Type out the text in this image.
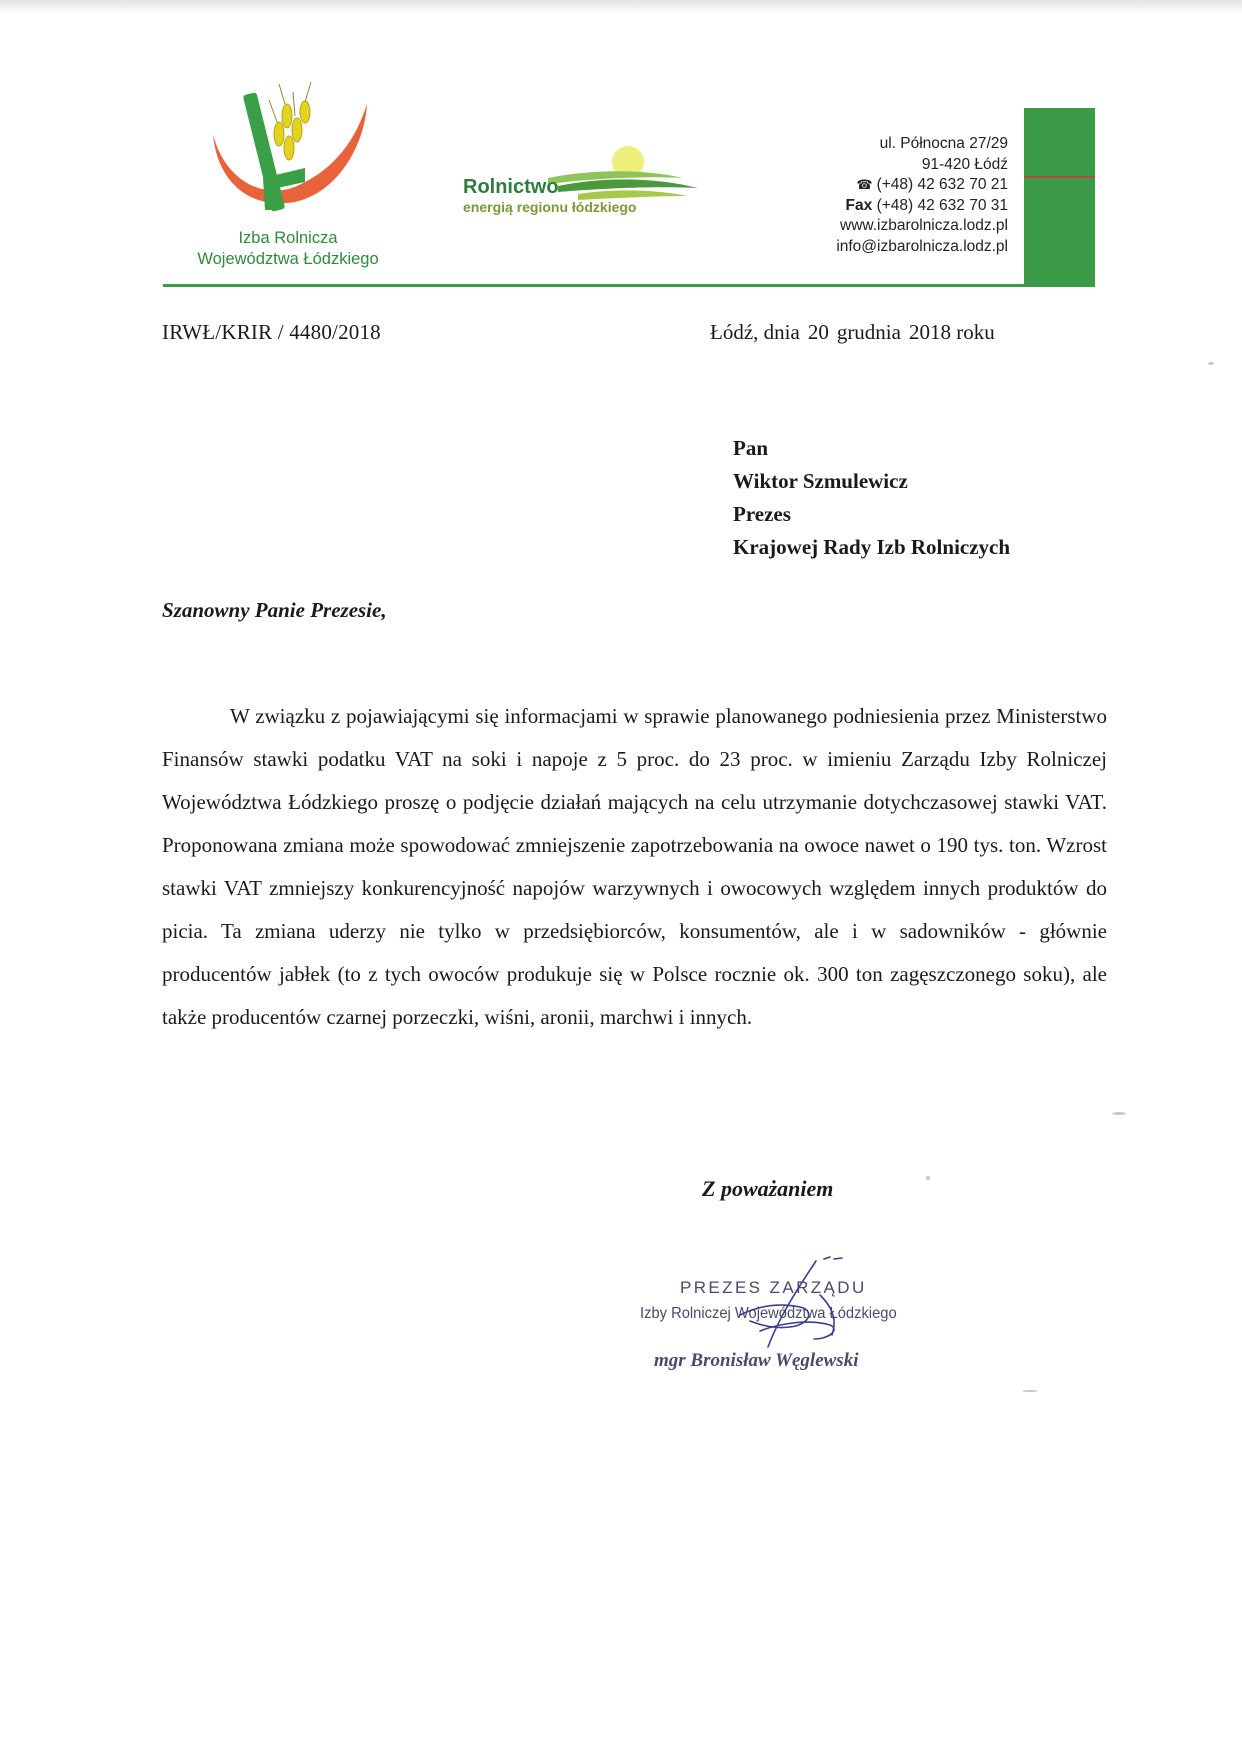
Izba Rolnicza
Województwa Łódzkiego
Rolnictwo
energią regionu łódzkiego
ul. Północna 27/29
91-420 Łódź
☎ (+48) 42 632 70 21
Fax (+48) 42 632 70 31
www.izbarolnicza.lodz.pl
info@izbarolnicza.lodz.pl
IRWŁ/KRIR / 4480/2018	Łódź, dnia 20 grudnia 2018 roku
Pan
Wiktor Szmulewicz
Prezes
Krajowej Rady Izb Rolniczych
Szanowny Panie Prezesie,

W związku z pojawiającymi się informacjami w sprawie planowanego podniesienia przez Ministerstwo Finansów stawki podatku VAT na soki i napoje z 5 proc. do 23 proc. w imieniu Zarządu Izby Rolniczej Województwa Łódzkiego proszę o podjęcie działań mających na celu utrzymanie dotychczasowej stawki VAT. Proponowana zmiana może spowodować zmniejszenie zapotrzebowania na owoce nawet o 190 tys. ton. Wzrost stawki VAT zmniejszy konkurencyjność napojów warzywnych i owocowych względem innych produktów do picia. Ta zmiana uderzy nie tylko w przedsiębiorców, konsumentów, ale i w sadowników - głównie producentów jabłek (to z tych owoców produkuje się w Polsce rocznie ok. 300 ton zagęszczonego soku), ale także producentów czarnej porzeczki, wiśni, aronii, marchwi i innych.

Z poważaniem
PREZES ZARZĄDU
Izby Rolniczej Województwa Łódzkiego
mgr Bronisław Węglewski
